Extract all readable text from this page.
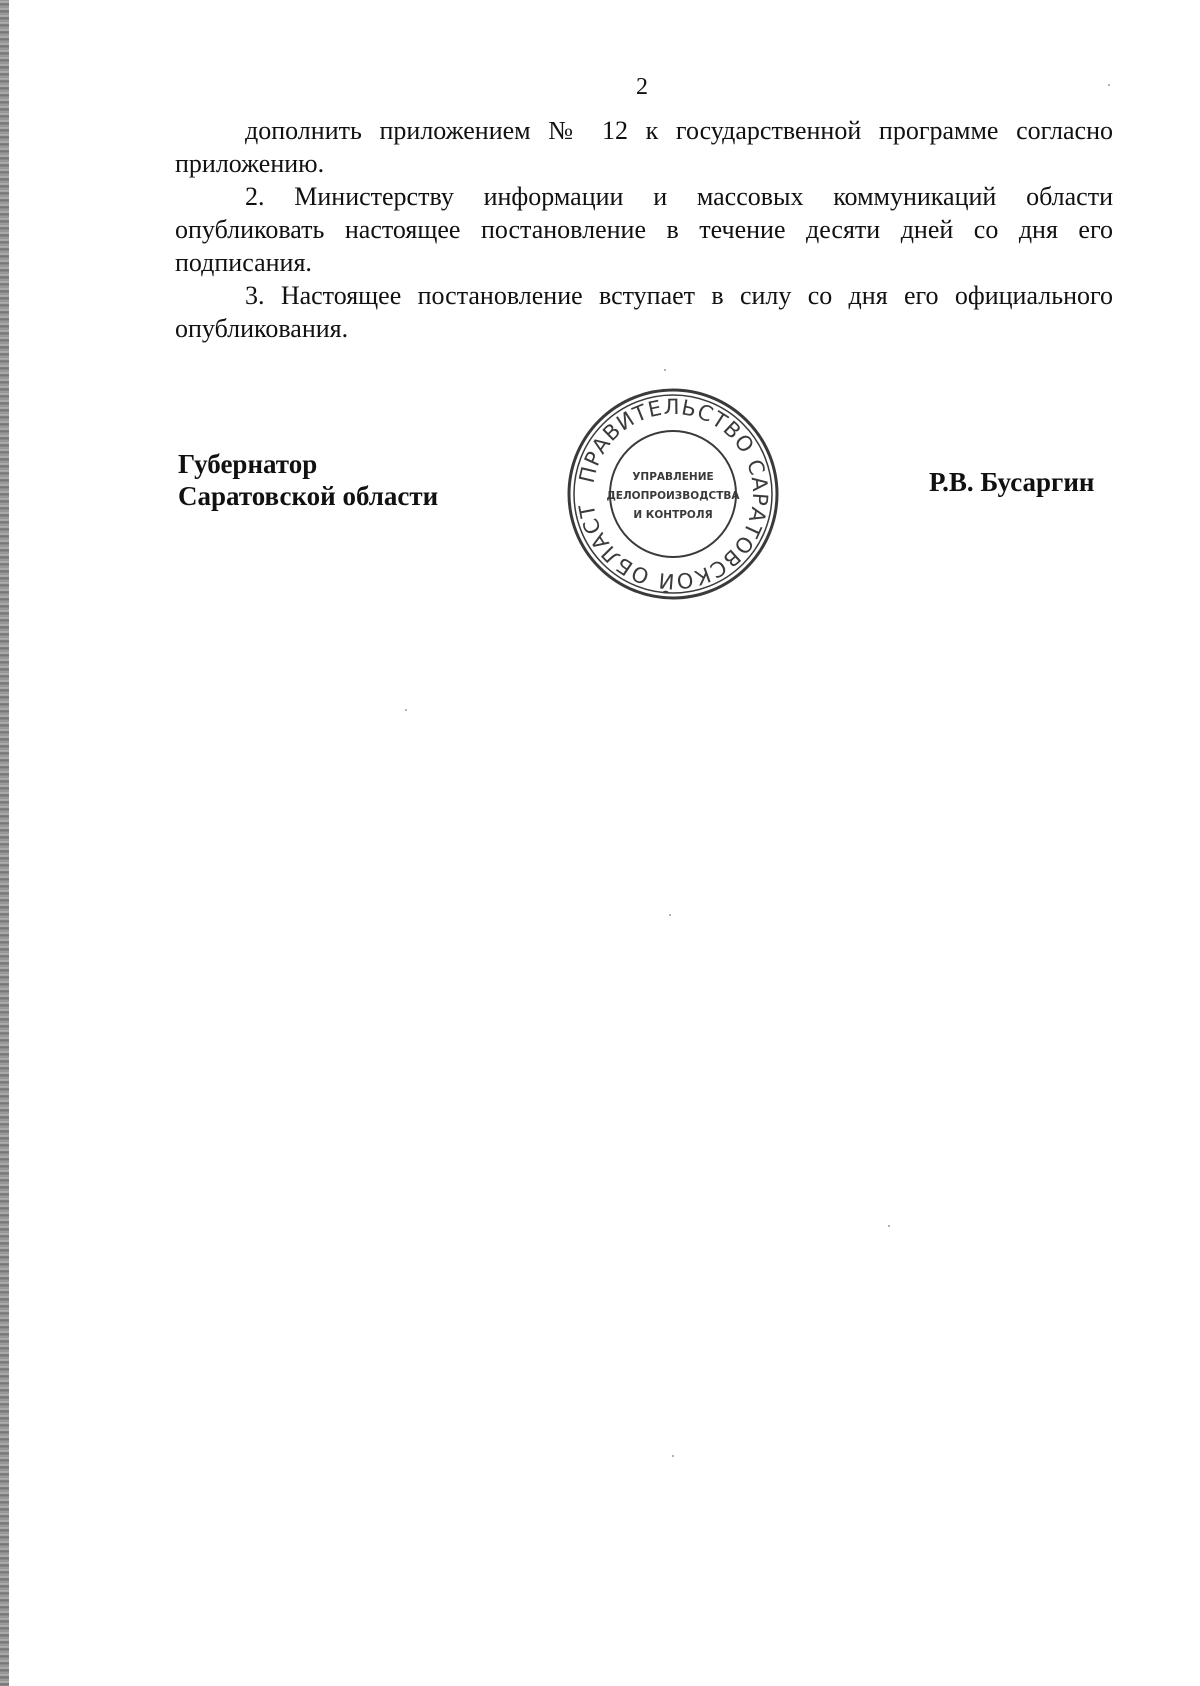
2

дополнить приложением № 12 к государственной программе согласно приложению.

2. Министерству информации и массовых коммуникаций области опубликовать настоящее постановление в течение десяти дней со дня его подписания.

3. Настоящее постановление вступает в силу со дня его официального опубликования.

Губернатор
Саратовской области
ПРАВИТЕЛЬСТВО САРАТОВСКОЙ ОБЛАСТ
УПРАВЛЕНИЕ
ДЕЛОПРОИЗВОДСТВА
И КОНТРОЛЯ
Р.В. Бусаргин
